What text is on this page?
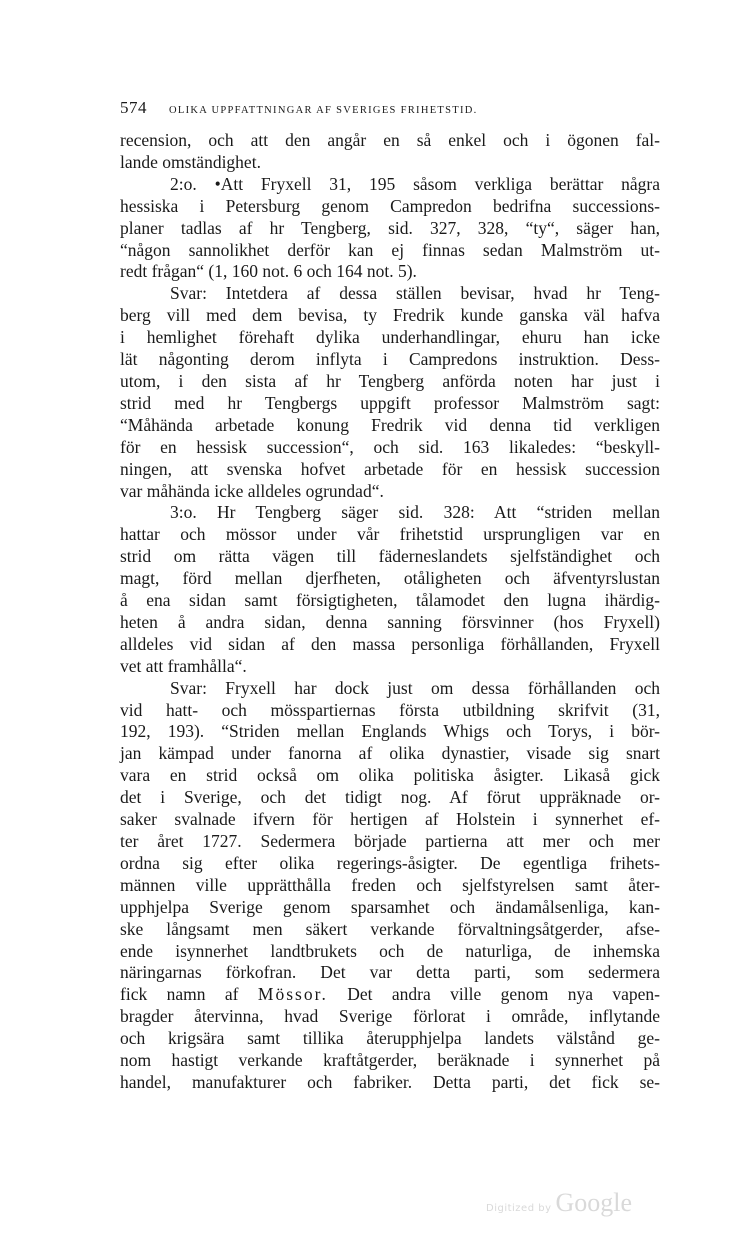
574 OLIKA UPPFATTNINGAR AF SVERIGES FRIHETSTID.
recension, och att den angår en så enkel och i ögonen fal-
lande omständighet.
2:o. •Att Fryxell 31, 195 såsom verkliga berättar några
hessiska i Petersburg genom Campredon bedrifna successions-
planer tadlas af hr Tengberg, sid. 327, 328, “ty“, säger han,
“någon sannolikhet derför kan ej finnas sedan Malmström ut-
redt frågan“ (1, 160 not. 6 och 164 not. 5).
Svar: Intetdera af dessa ställen bevisar, hvad hr Teng-
berg vill med dem bevisa, ty Fredrik kunde ganska väl hafva
i hemlighet förehaft dylika underhandlingar, ehuru han icke
lät någonting derom inflyta i Campredons instruktion. Dess-
utom, i den sista af hr Tengberg anförda noten har just i
strid med hr Tengbergs uppgift professor Malmström sagt:
“Måhända arbetade konung Fredrik vid denna tid verkligen
för en hessisk succession“, och sid. 163 likaledes: “beskyll-
ningen, att svenska hofvet arbetade för en hessisk succession
var måhända icke alldeles ogrundad“.
3:o. Hr Tengberg säger sid. 328: Att “striden mellan
hattar och mössor under vår frihetstid ursprungligen var en
strid om rätta vägen till fäderneslandets sjelfständighet och
magt, förd mellan djerfheten, otåligheten och äfventyrslustan
å ena sidan samt försigtigheten, tålamodet den lugna ihärdig-
heten å andra sidan, denna sanning försvinner (hos Fryxell)
alldeles vid sidan af den massa personliga förhållanden, Fryxell
vet att framhålla“.
Svar: Fryxell har dock just om dessa förhållanden och
vid hatt- och mösspartiernas första utbildning skrifvit (31,
192, 193). “Striden mellan Englands Whigs och Torys, i bör-
jan kämpad under fanorna af olika dynastier, visade sig snart
vara en strid också om olika politiska åsigter. Likaså gick
det i Sverige, och det tidigt nog. Af förut uppräknade or-
saker svalnade ifvern för hertigen af Holstein i synnerhet ef-
ter året 1727. Sedermera började partierna att mer och mer
ordna sig efter olika regerings-åsigter. De egentliga frihets-
männen ville upprätthålla freden och sjelfstyrelsen samt åter-
upphjelpa Sverige genom sparsamhet och ändamålsenliga, kan-
ske långsamt men säkert verkande förvaltningsåtgerder, afse-
ende isynnerhet landtbrukets och de naturliga, de inhemska
näringarnas förkofran. Det var detta parti, som sedermera
fick namn af Mössor. Det andra ville genom nya vapen-
bragder återvinna, hvad Sverige förlorat i område, inflytande
och krigsära samt tillika återupphjelpa landets välstånd ge-
nom hastigt verkande kraftåtgerder, beräknade i synnerhet på
handel, manufakturer och fabriker. Detta parti, det fick se-
Digitized by Google
